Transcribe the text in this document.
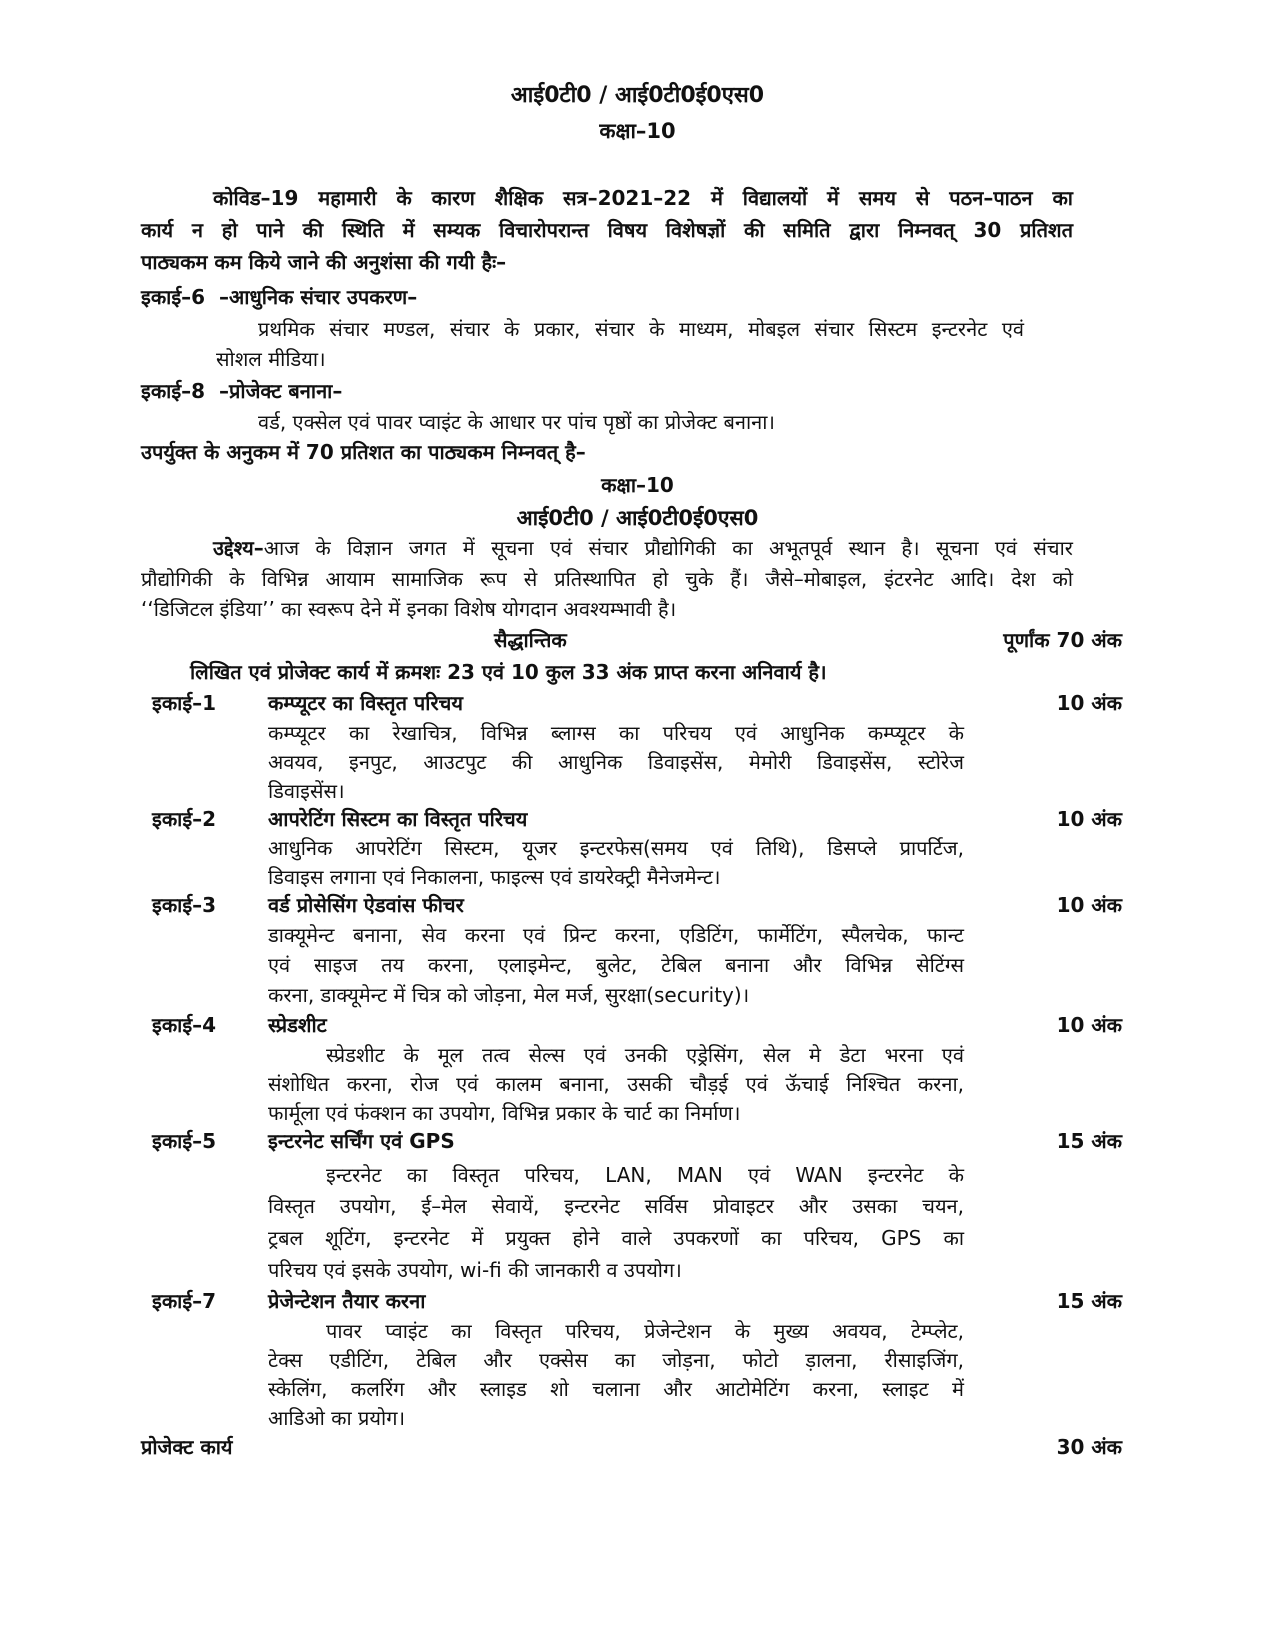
आई0टी0 / आई0टी0ई0एस0
कक्षा–10
कोविड–19 महामारी के कारण शैक्षिक सत्र–2021–22 में विद्यालयों में समय से पठन–पाठन का
कार्य न हो पाने की स्थिति में सम्यक विचारोपरान्त विषय विशेषज्ञों की समिति द्वारा निम्नवत् 30 प्रतिशत
पाठ्यकम कम किये जाने की अनुशंसा की गयी हैः–
इकाई–6  –आधुनिक संचार उपकरण–
प्रथमिक संचार मण्डल, संचार के प्रकार, संचार के माध्यम, मोबइल संचार सिस्टम इन्टरनेट एवं
सोशल मीडिया।
इकाई–8  –प्रोजेक्ट बनाना–
वर्ड, एक्सेल एवं पावर प्वाइंट के आधार पर पांच पृष्ठों का प्रोजेक्ट बनाना।
उपर्युक्त के अनुकम में 70 प्रतिशत का पाठ्यकम निम्नवत् है–
कक्षा–10
आई0टी0 / आई0टी0ई0एस0
उद्देश्य–आज के विज्ञान जगत में सूचना एवं संचार प्रौद्योगिकी का अभूतपूर्व स्थान है। सूचना एवं संचार
प्रौद्योगिकी के विभिन्न आयाम सामाजिक रूप से प्रतिस्थापित हो चुके हैं। जैसे–मोबाइल, इंटरनेट आदि। देश को
‘‘डिजिटल इंडिया’’ का स्वरूप देने में इनका विशेष योगदान अवश्यम्भावी है।
सैद्धान्तिक	पूर्णांक 70 अंक
लिखित एवं प्रोजेक्ट कार्य में क्रमशः 23 एवं 10 कुल 33 अंक प्राप्त करना अनिवार्य है।
इकाई–1	कम्प्यूटर का विस्तृत परिचय	10 अंक
कम्प्यूटर का रेखाचित्र, विभिन्न ब्लाग्स का परिचय एवं आधुनिक कम्प्यूटर के
अवयव, इनपुट, आउटपुट की आधुनिक डिवाइसेंस, मेमोरी डिवाइसेंस, स्टोरेज
डिवाइसेंस।
इकाई–2	आपरेटिंग सिस्टम का विस्तृत परिचय	10 अंक
आधुनिक आपरेटिंग सिस्टम, यूजर इन्टरफेस(समय एवं तिथि), डिसप्ले प्रापर्टिज,
डिवाइस लगाना एवं निकालना, फाइल्स एवं डायरेक्ट्री मैनेजमेन्ट।
इकाई–3	वर्ड प्रोसेसिंग ऐडवांस फीचर	10 अंक
डाक्यूमेन्ट बनाना, सेव करना एवं प्रिन्ट करना, एडिटिंग, फार्मेटिंग, स्पैलचेक, फान्ट
एवं साइज तय करना, एलाइमेन्ट, बुलेट, टेबिल बनाना और विभिन्न सेटिंग्स
करना, डाक्यूमेन्ट में चित्र को जोड़ना, मेल मर्ज, सुरक्षा(security)।
इकाई–4	स्प्रेडशीट	10 अंक
स्प्रेडशीट के मूल तत्व सेल्स एवं उनकी एड्रेसिंग, सेल मे डेटा भरना एवं
संशोधित करना, रोज एवं कालम बनाना, उसकी चौड़ई एवं ऊॅचाई निश्चित करना,
फार्मूला एवं फंक्शन का उपयोग, विभिन्न प्रकार के चार्ट का निर्माण।
इकाई–5	इन्टरनेट सर्चिंग एवं GPS	15 अंक
इन्टरनेट का विस्तृत परिचय, LAN, MAN एवं WAN इन्टरनेट के
विस्तृत उपयोग, ई–मेल सेवायें, इन्टरनेट सर्विस प्रोवाइटर और उसका चयन,
ट्रबल शूटिंग, इन्टरनेट में प्रयुक्त होने वाले उपकरणों का परिचय, GPS का
परिचय एवं इसके उपयोग, wi-fi की जानकारी व उपयोग।
इकाई–7	प्रेजेन्टेशन तैयार करना	15 अंक
पावर प्वाइंट का विस्तृत परिचय, प्रेजेन्टेशन के मुख्य अवयव, टेम्प्लेट,
टेक्स एडीटिंग, टेबिल और एक्सेस का जोड़ना, फोटो ड़ालना, रीसाइजिंग,
स्केलिंग, कलरिंग और स्लाइड शो चलाना और आटोमेटिंग करना, स्लाइट में
आडिओ का प्रयोग।
प्रोजेक्ट कार्य	30 अंक
